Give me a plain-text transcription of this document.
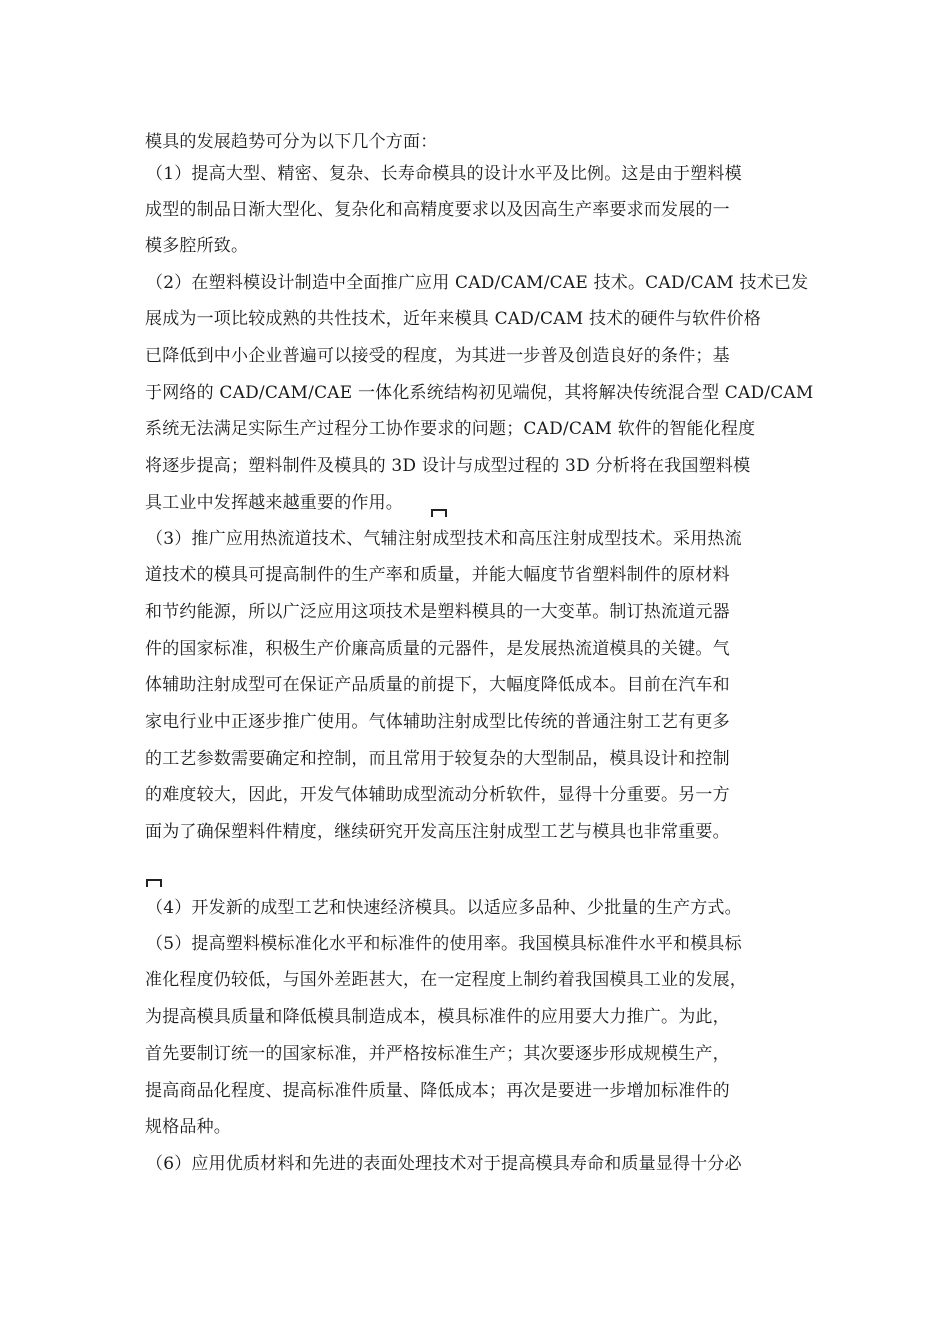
模具的发展趋势可分为以下几个方面：
（1）提高大型、精密、复杂、长寿命模具的设计水平及比例。这是由于塑料模
成型的制品日渐大型化、复杂化和高精度要求以及因高生产率要求而发展的一
模多腔所致。
（2）在塑料模设计制造中全面推广应用 CAD/CAM/CAE 技术。CAD/CAM 技术已发
展成为一项比较成熟的共性技术，近年来模具 CAD/CAM 技术的硬件与软件价格
已降低到中小企业普遍可以接受的程度，为其进一步普及创造良好的条件；基
于网络的 CAD/CAM/CAE 一体化系统结构初见端倪，其将解决传统混合型 CAD/CAM
系统无法满足实际生产过程分工协作要求的问题；CAD/CAM 软件的智能化程度
将逐步提高；塑料制件及模具的 3D 设计与成型过程的 3D 分析将在我国塑料模
具工业中发挥越来越重要的作用。
（3）推广应用热流道技术、气辅注射成型技术和高压注射成型技术。采用热流
道技术的模具可提高制件的生产率和质量，并能大幅度节省塑料制件的原材料
和节约能源，所以广泛应用这项技术是塑料模具的一大变革。制订热流道元器
件的国家标准，积极生产价廉高质量的元器件，是发展热流道模具的关键。气
体辅助注射成型可在保证产品质量的前提下，大幅度降低成本。目前在汽车和
家电行业中正逐步推广使用。气体辅助注射成型比传统的普通注射工艺有更多
的工艺参数需要确定和控制，而且常用于较复杂的大型制品，模具设计和控制
的难度较大，因此，开发气体辅助成型流动分析软件，显得十分重要。另一方
面为了确保塑料件精度，继续研究开发高压注射成型工艺与模具也非常重要。
（4）开发新的成型工艺和快速经济模具。以适应多品种、少批量的生产方式。
（5）提高塑料模标准化水平和标准件的使用率。我国模具标准件水平和模具标
准化程度仍较低，与国外差距甚大，在一定程度上制约着我国模具工业的发展，
为提高模具质量和降低模具制造成本，模具标准件的应用要大力推广。为此，
首先要制订统一的国家标准，并严格按标准生产；其次要逐步形成规模生产，
提高商品化程度、提高标准件质量、降低成本；再次是要进一步增加标准件的
规格品种。
（6）应用优质材料和先进的表面处理技术对于提高模具寿命和质量显得十分必
